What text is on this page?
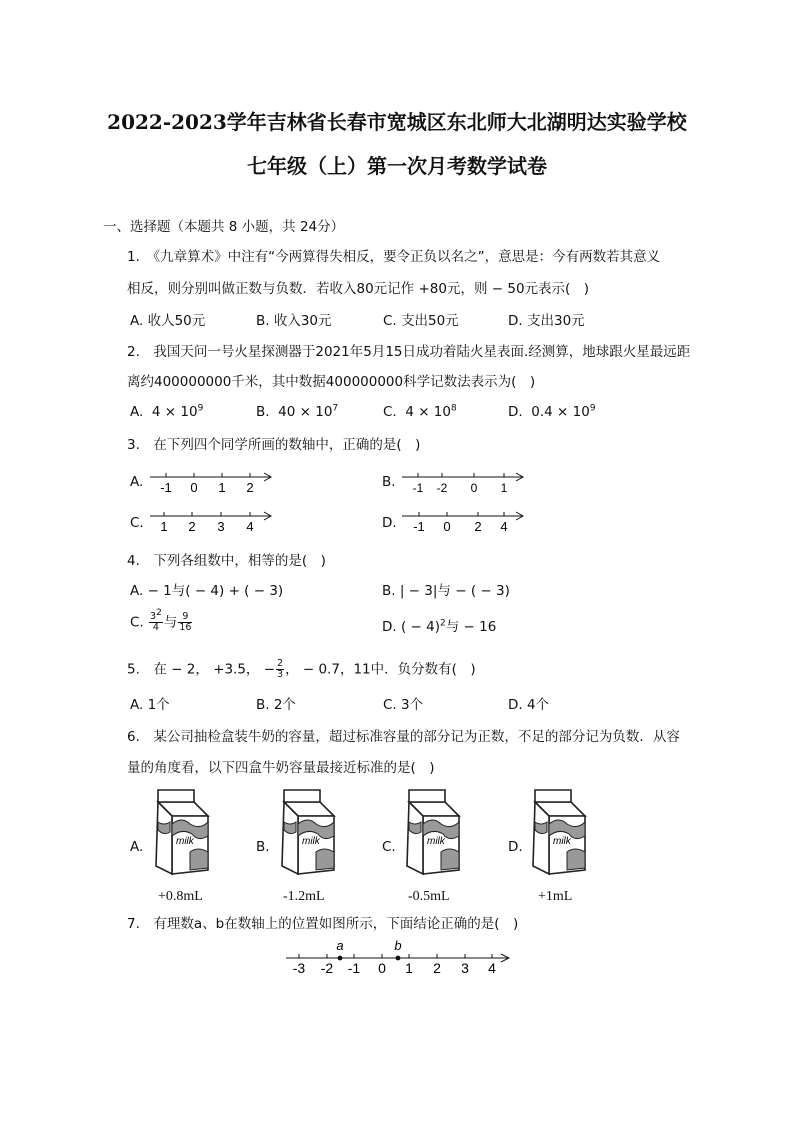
2022-2023学年吉林省长春市宽城区东北师大北湖明达实验学校
七年级（上）第一次月考数学试卷
一、选择题（本题共 8 小题，共 24分）
1.　《九章算术》中注有“今两算得失相反，要令正负以名之”，意思是：今有两数若其意义
相反，则分别叫做正数与负数．若收入80元记作 +80元，则 − 50元表示(　)
A. 收人50元	B. 收入30元	C. 支出50元	D. 支出30元
2.　我国天问一号火星探测器于2021年5月15日成功着陆火星表面.经测算，地球跟火星最远距
离约400000000千米，其中数据400000000科学记数法表示为(　)
A. $4 \times 10^9$	B. $40 \times 10^7$	C. $4 \times 10^8$	D. $0.4 \times 10^9$
3.　在下列四个同学所画的数轴中，正确的是(　)
A. -1 0 1 2	B. -1 -2 0 1
C. 1 2 3 4	D. -1 0 2 4
4.　下列各组数中，相等的是(　)
A. − 1与( − 4) + ( − 3)	B. | − 3|与 − ( − 3)
C. $\frac{3^2}{4}$ 与 $\frac{9}{16}$	D. ( − 4)$^2$与 − 16
5.　在 − 2， +3.5， − $\frac{2}{3}$ ， − 0.7，11中．负分数有(　)
A. 1个	B. 2个	C. 3个	D. 4个
6.　某公司抽检盒装牛奶的容量，超过标准容量的部分记为正数，不足的部分记为负数．从容
量的角度看，以下四盒牛奶容量最接近标准的是(　)
A.	milk
+0.8mL
B.	milk
-1.2mL
C.	milk
-0.5mL
D.	milk
+1mL
7.　有理数a、b在数轴上的位置如图所示，下面结论正确的是(　)
a	b
-3 -2 -1 0 1 2 3 4
